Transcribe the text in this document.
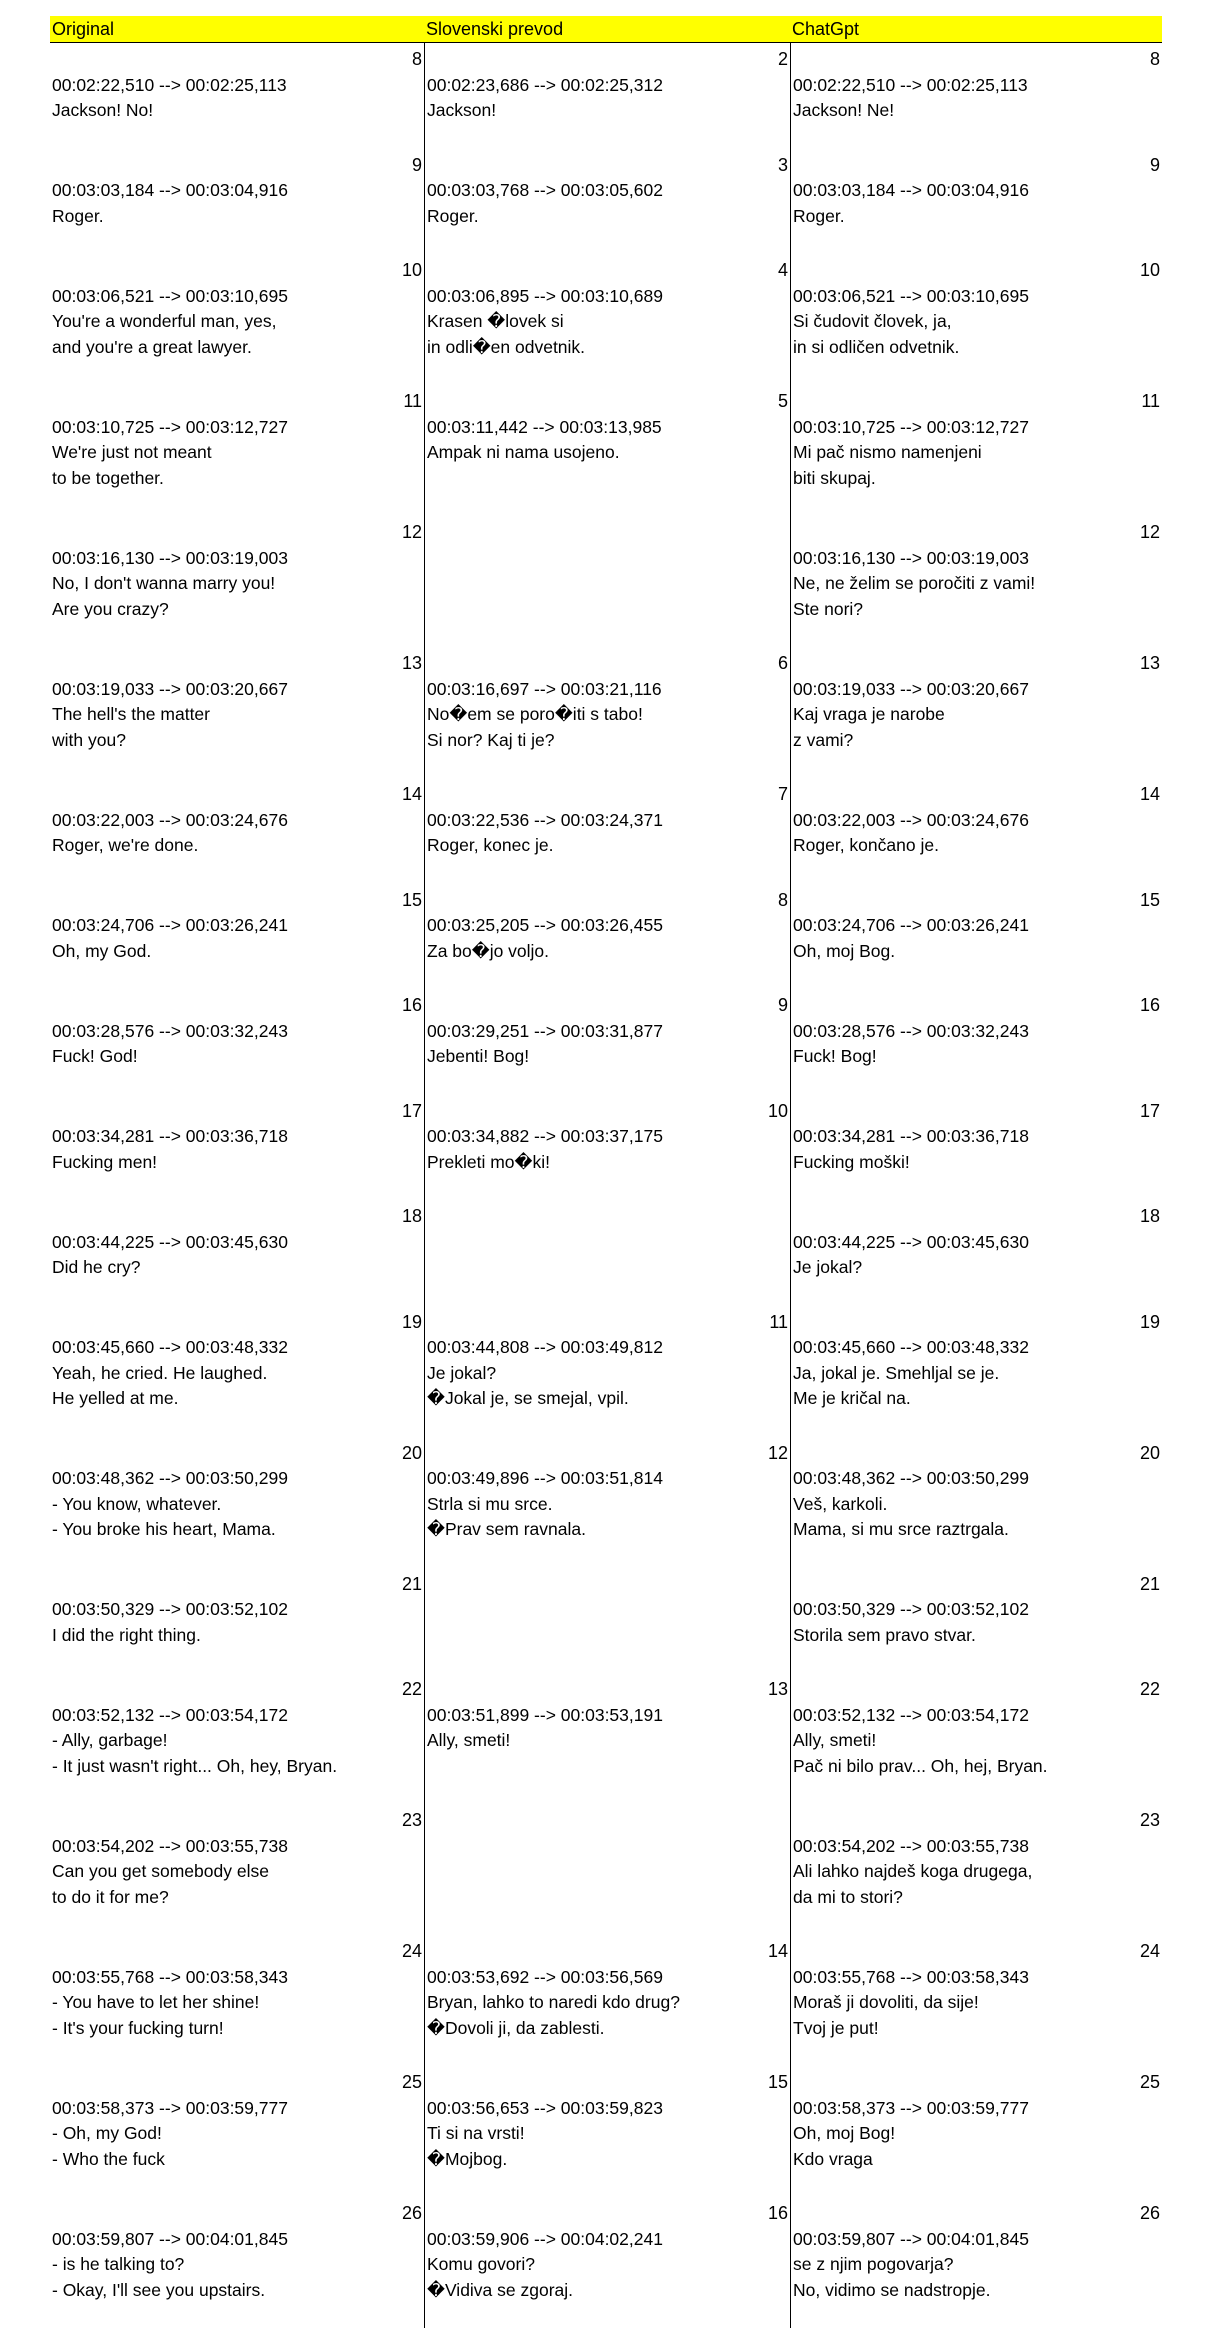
Original	Slovenski prevod	ChatGpt
8
00:02:22,510 --> 00:02:25,113
Jackson! No!
2
00:02:23,686 --> 00:02:25,312
Jackson!
8
00:02:22,510 --> 00:02:25,113
Jackson! Ne!
9
00:03:03,184 --> 00:03:04,916
Roger.
3
00:03:03,768 --> 00:03:05,602
Roger.
9
00:03:03,184 --> 00:03:04,916
Roger.
10
00:03:06,521 --> 00:03:10,695
You're a wonderful man, yes,
and you're a great lawyer.
4
00:03:06,895 --> 00:03:10,689
Krasen �lovek si
in odli�en odvetnik.
10
00:03:06,521 --> 00:03:10,695
Si čudovit človek, ja,
in si odličen odvetnik.
11
00:03:10,725 --> 00:03:12,727
We're just not meant
to be together.
5
00:03:11,442 --> 00:03:13,985
Ampak ni nama usojeno.
11
00:03:10,725 --> 00:03:12,727
Mi pač nismo namenjeni
biti skupaj.
12
00:03:16,130 --> 00:03:19,003
No, I don't wanna marry you!
Are you crazy?
12
00:03:16,130 --> 00:03:19,003
Ne, ne želim se poročiti z vami!
Ste nori?
13
00:03:19,033 --> 00:03:20,667
The hell's the matter
with you?
6
00:03:16,697 --> 00:03:21,116
No�em se poro�iti s tabo!
Si nor? Kaj ti je?
13
00:03:19,033 --> 00:03:20,667
Kaj vraga je narobe
z vami?
14
00:03:22,003 --> 00:03:24,676
Roger, we're done.
7
00:03:22,536 --> 00:03:24,371
Roger, konec je.
14
00:03:22,003 --> 00:03:24,676
Roger, končano je.
15
00:03:24,706 --> 00:03:26,241
Oh, my God.
8
00:03:25,205 --> 00:03:26,455
Za bo�jo voljo.
15
00:03:24,706 --> 00:03:26,241
Oh, moj Bog.
16
00:03:28,576 --> 00:03:32,243
Fuck! God!
9
00:03:29,251 --> 00:03:31,877
Jebenti! Bog!
16
00:03:28,576 --> 00:03:32,243
Fuck! Bog!
17
00:03:34,281 --> 00:03:36,718
Fucking men!
10
00:03:34,882 --> 00:03:37,175
Prekleti mo�ki!
17
00:03:34,281 --> 00:03:36,718
Fucking moški!
18
00:03:44,225 --> 00:03:45,630
Did he cry?
18
00:03:44,225 --> 00:03:45,630
Je jokal?
19
00:03:45,660 --> 00:03:48,332
Yeah, he cried. He laughed.
He yelled at me.
11
00:03:44,808 --> 00:03:49,812
Je jokal?
�Jokal je, se smejal, vpil.
19
00:03:45,660 --> 00:03:48,332
Ja, jokal je. Smehljal se je.
Me je kričal na.
20
00:03:48,362 --> 00:03:50,299
- You know, whatever.
- You broke his heart, Mama.
12
00:03:49,896 --> 00:03:51,814
Strla si mu srce.
�Prav sem ravnala.
20
00:03:48,362 --> 00:03:50,299
Veš, karkoli.
Mama, si mu srce raztrgala.
21
00:03:50,329 --> 00:03:52,102
I did the right thing.
21
00:03:50,329 --> 00:03:52,102
Storila sem pravo stvar.
22
00:03:52,132 --> 00:03:54,172
- Ally, garbage!
- It just wasn't right... Oh, hey, Bryan.
13
00:03:51,899 --> 00:03:53,191
Ally, smeti!
22
00:03:52,132 --> 00:03:54,172
Ally, smeti!
Pač ni bilo prav... Oh, hej, Bryan.
23
00:03:54,202 --> 00:03:55,738
Can you get somebody else
to do it for me?
23
00:03:54,202 --> 00:03:55,738
Ali lahko najdeš koga drugega,
da mi to stori?
24
00:03:55,768 --> 00:03:58,343
- You have to let her shine!
- It's your fucking turn!
14
00:03:53,692 --> 00:03:56,569
Bryan, lahko to naredi kdo drug?
�Dovoli ji, da zablesti.
24
00:03:55,768 --> 00:03:58,343
Moraš ji dovoliti, da sije!
Tvoj je put!
25
00:03:58,373 --> 00:03:59,777
- Oh, my God!
- Who the fuck
15
00:03:56,653 --> 00:03:59,823
Ti si na vrsti!
�Mojbog.
25
00:03:58,373 --> 00:03:59,777
Oh, moj Bog!
Kdo vraga
26
00:03:59,807 --> 00:04:01,845
- is he talking to?
- Okay, I'll see you upstairs.
16
00:03:59,906 --> 00:04:02,241
Komu govori?
�Vidiva se zgoraj.
26
00:03:59,807 --> 00:04:01,845
se z njim pogovarja?
No, vidimo se nadstropje.
